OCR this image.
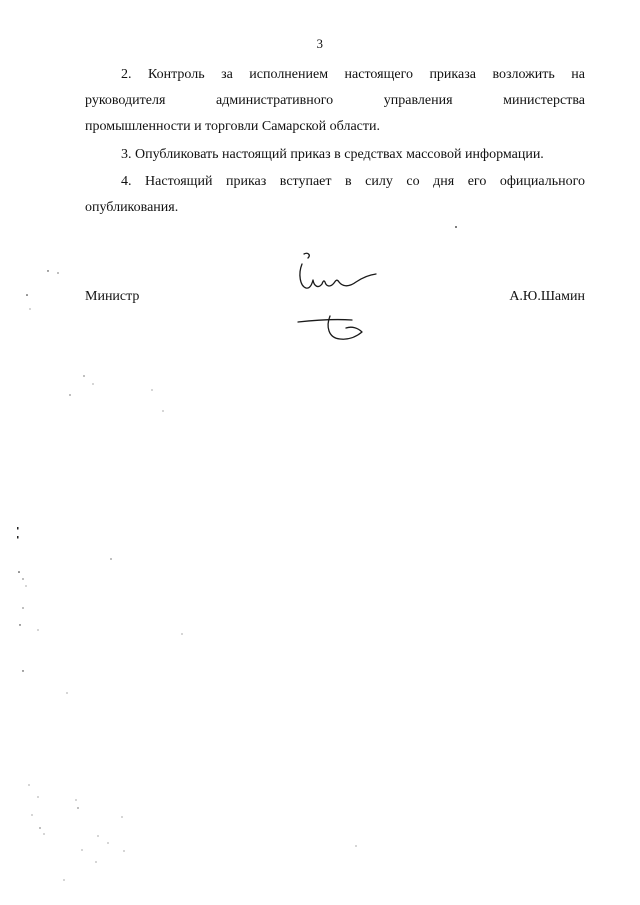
3

2. Контроль за исполнением настоящего приказа возложить на

руководителя административного управления министерства

промышленности и торговли Самарской области.

3. Опубликовать настоящий приказ в средствах массовой информации.

4. Настоящий приказ вступает в силу со дня его официального

опубликования.

Министр	А.Ю.Шамин
